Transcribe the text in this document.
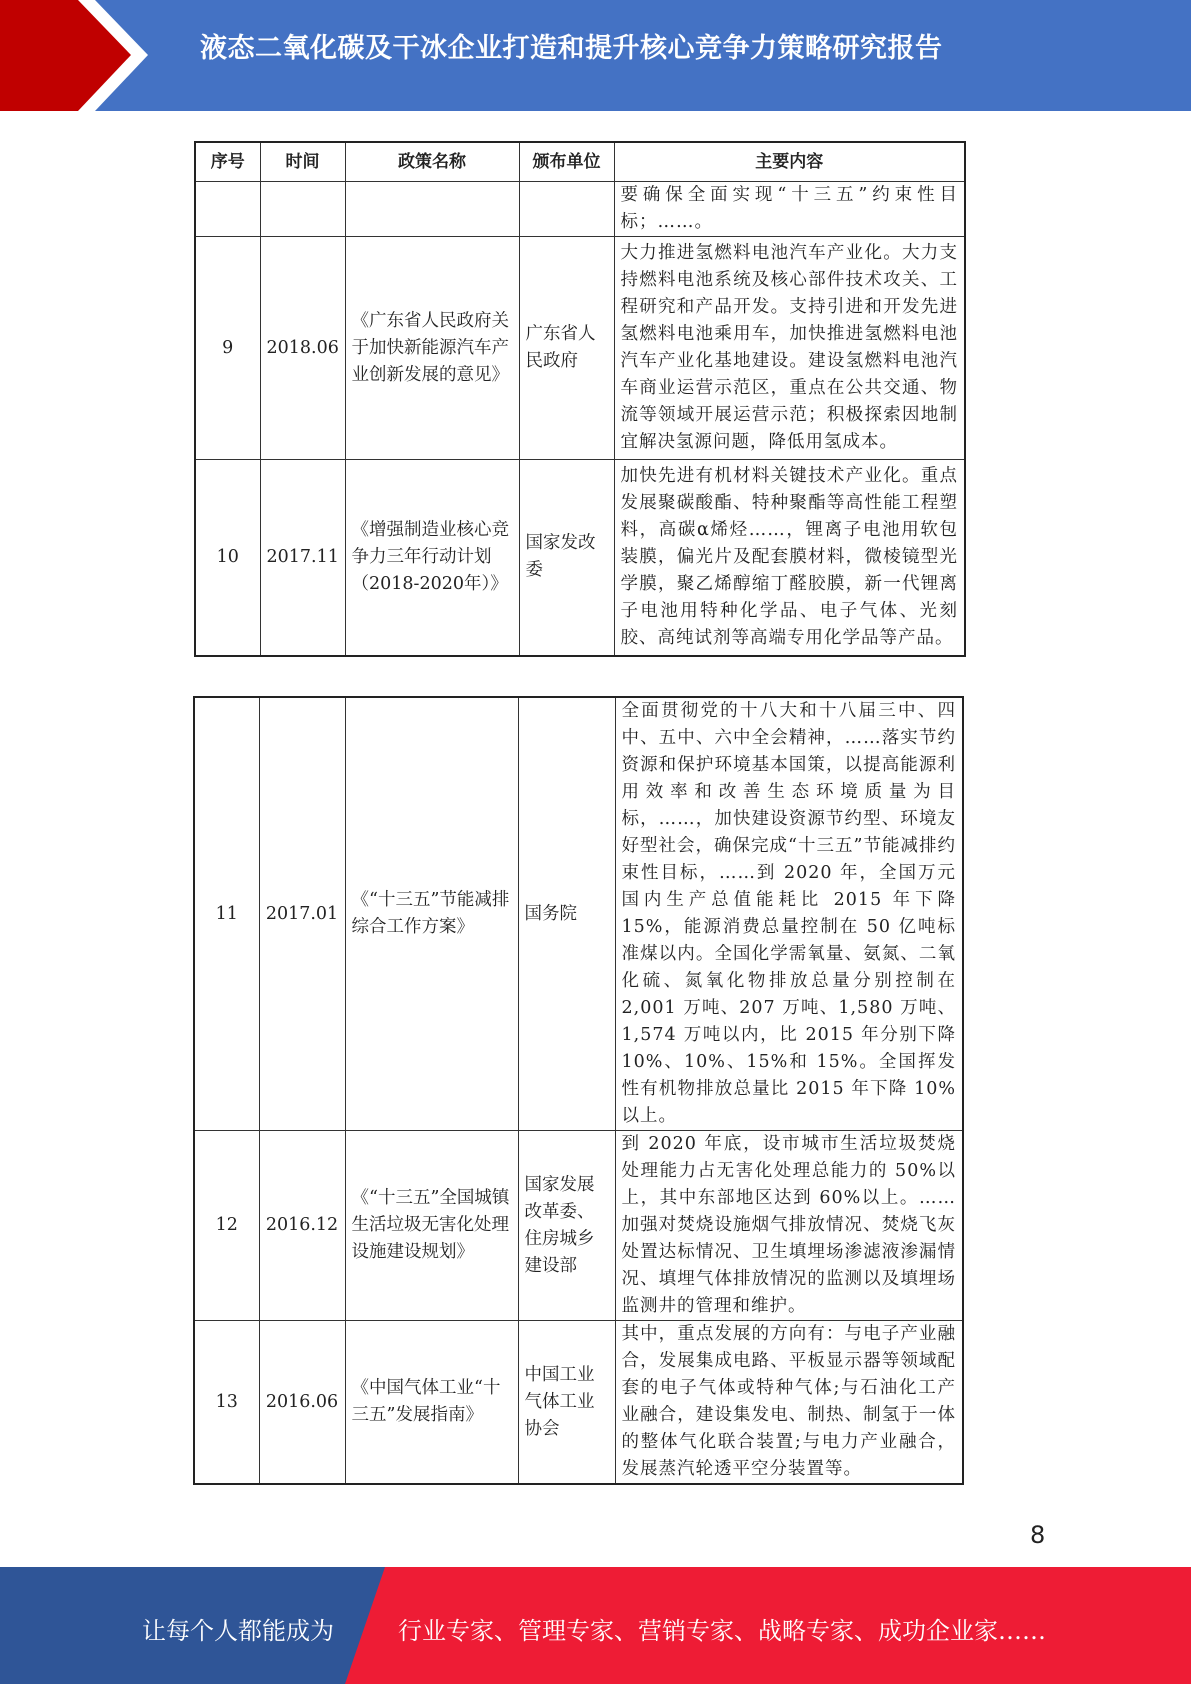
液态二氧化碳及干冰企业打造和提升核心竞争力策略研究报告
序号	时间	政策名称	颁布单位	主要内容
				要确保全面实现“十三五”约束性目标；……。
9	2018.06	《广东省人民政府关于加快新能源汽车产业创新发展的意见》	广东省人民政府	大力推进氢燃料电池汽车产业化。大力支持燃料电池系统及核心部件技术攻关、工程研究和产品开发。支持引进和开发先进氢燃料电池乘用车，加快推进氢燃料电池汽车产业化基地建设。建设氢燃料电池汽车商业运营示范区，重点在公共交通、物流等领域开展运营示范；积极探索因地制宜解决氢源问题，降低用氢成本。
10	2017.11	《增强制造业核心竞争力三年行动计划（2018-2020年）》	国家发改委	加快先进有机材料关键技术产业化。重点发展聚碳酸酯、特种聚酯等高性能工程塑料，高碳α烯烃……，锂离子电池用软包装膜，偏光片及配套膜材料，微棱镜型光学膜，聚乙烯醇缩丁醛胶膜，新一代锂离子电池用特种化学品、电子气体、光刻胶、高纯试剂等高端专用化学品等产品。
11	2017.01	《“十三五”节能减排综合工作方案》	国务院	全面贯彻党的十八大和十八届三中、四中、五中、六中全会精神，……落实节约资源和保护环境基本国策，以提高能源利用效率和改善生态环境质量为目标，……，加快建设资源节约型、环境友好型社会，确保完成“十三五”节能减排约束性目标，……到 2020 年，全国万元国内生产总值能耗比 2015 年下降 15%，能源消费总量控制在 50 亿吨标准煤以内。全国化学需氧量、氨氮、二氧化硫、氮氧化物排放总量分别控制在 2,001 万吨、207 万吨、1,580 万吨、1,574 万吨以内，比 2015 年分别下降 10%、10%、15%和 15%。全国挥发性有机物排放总量比 2015 年下降 10%以上。
12	2016.12	《“十三五”全国城镇生活垃圾无害化处理设施建设规划》	国家发展改革委、住房城乡建设部	到 2020 年底，设市城市生活垃圾焚烧处理能力占无害化处理总能力的 50%以上，其中东部地区达到 60%以上。……加强对焚烧设施烟气排放情况、焚烧飞灰处置达标情况、卫生填埋场渗滤液渗漏情况、填埋气体排放情况的监测以及填埋场监测井的管理和维护。
13	2016.06	《中国气体工业“十三五”发展指南》	中国工业气体工业协会	其中，重点发展的方向有：与电子产业融合，发展集成电路、平板显示器等领域配套的电子气体或特种气体;与石油化工产业融合，建设集发电、制热、制氢于一体的整体气化联合装置;与电力产业融合，发展蒸汽轮透平空分装置等。
8
让每个人都能成为	行业专家、管理专家、营销专家、战略专家、成功企业家……
